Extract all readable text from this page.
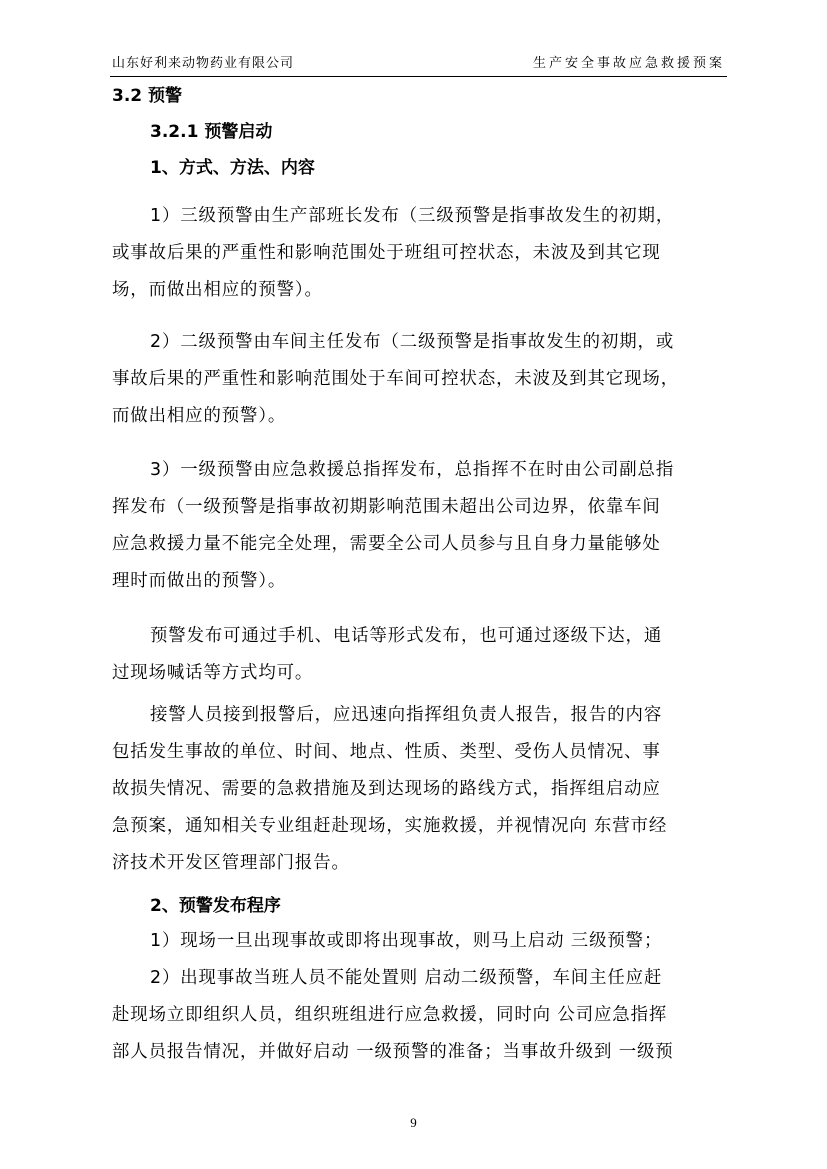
山东好利来动物药业有限公司	生产安全事故应急救援预案
3.2 预警
3.2.1 预警启动
1、方式、方法、内容
1）三级预警由生产部班长发布（三级预警是指事故发生的初期，
或事故后果的严重性和影响范围处于班组可控状态，未波及到其它现
场，而做出相应的预警）。
2）二级预警由车间主任发布（二级预警是指事故发生的初期，或
事故后果的严重性和影响范围处于车间可控状态，未波及到其它现场，
而做出相应的预警）。
3）一级预警由应急救援总指挥发布，总指挥不在时由公司副总指
挥发布（一级预警是指事故初期影响范围未超出公司边界，依靠车间
应急救援力量不能完全处理，需要全公司人员参与且自身力量能够处
理时而做出的预警）。
预警发布可通过手机、电话等形式发布，也可通过逐级下达，通
过现场喊话等方式均可。
接警人员接到报警后，应迅速向指挥组负责人报告，报告的内容
包括发生事故的单位、时间、地点、性质、类型、受伤人员情况、事
故损失情况、需要的急救措施及到达现场的路线方式，指挥组启动应
急预案，通知相关专业组赶赴现场，实施救援，并视情况向 东营市经
济技术开发区管理部门报告。
2、预警发布程序
1）现场一旦出现事故或即将出现事故，则马上启动 三级预警；
2）出现事故当班人员不能处置则 启动二级预警，车间主任应赶
赴现场立即组织人员，组织班组进行应急救援，同时向 公司应急指挥
部人员报告情况，并做好启动 一级预警的准备；当事故升级到 一级预
9
